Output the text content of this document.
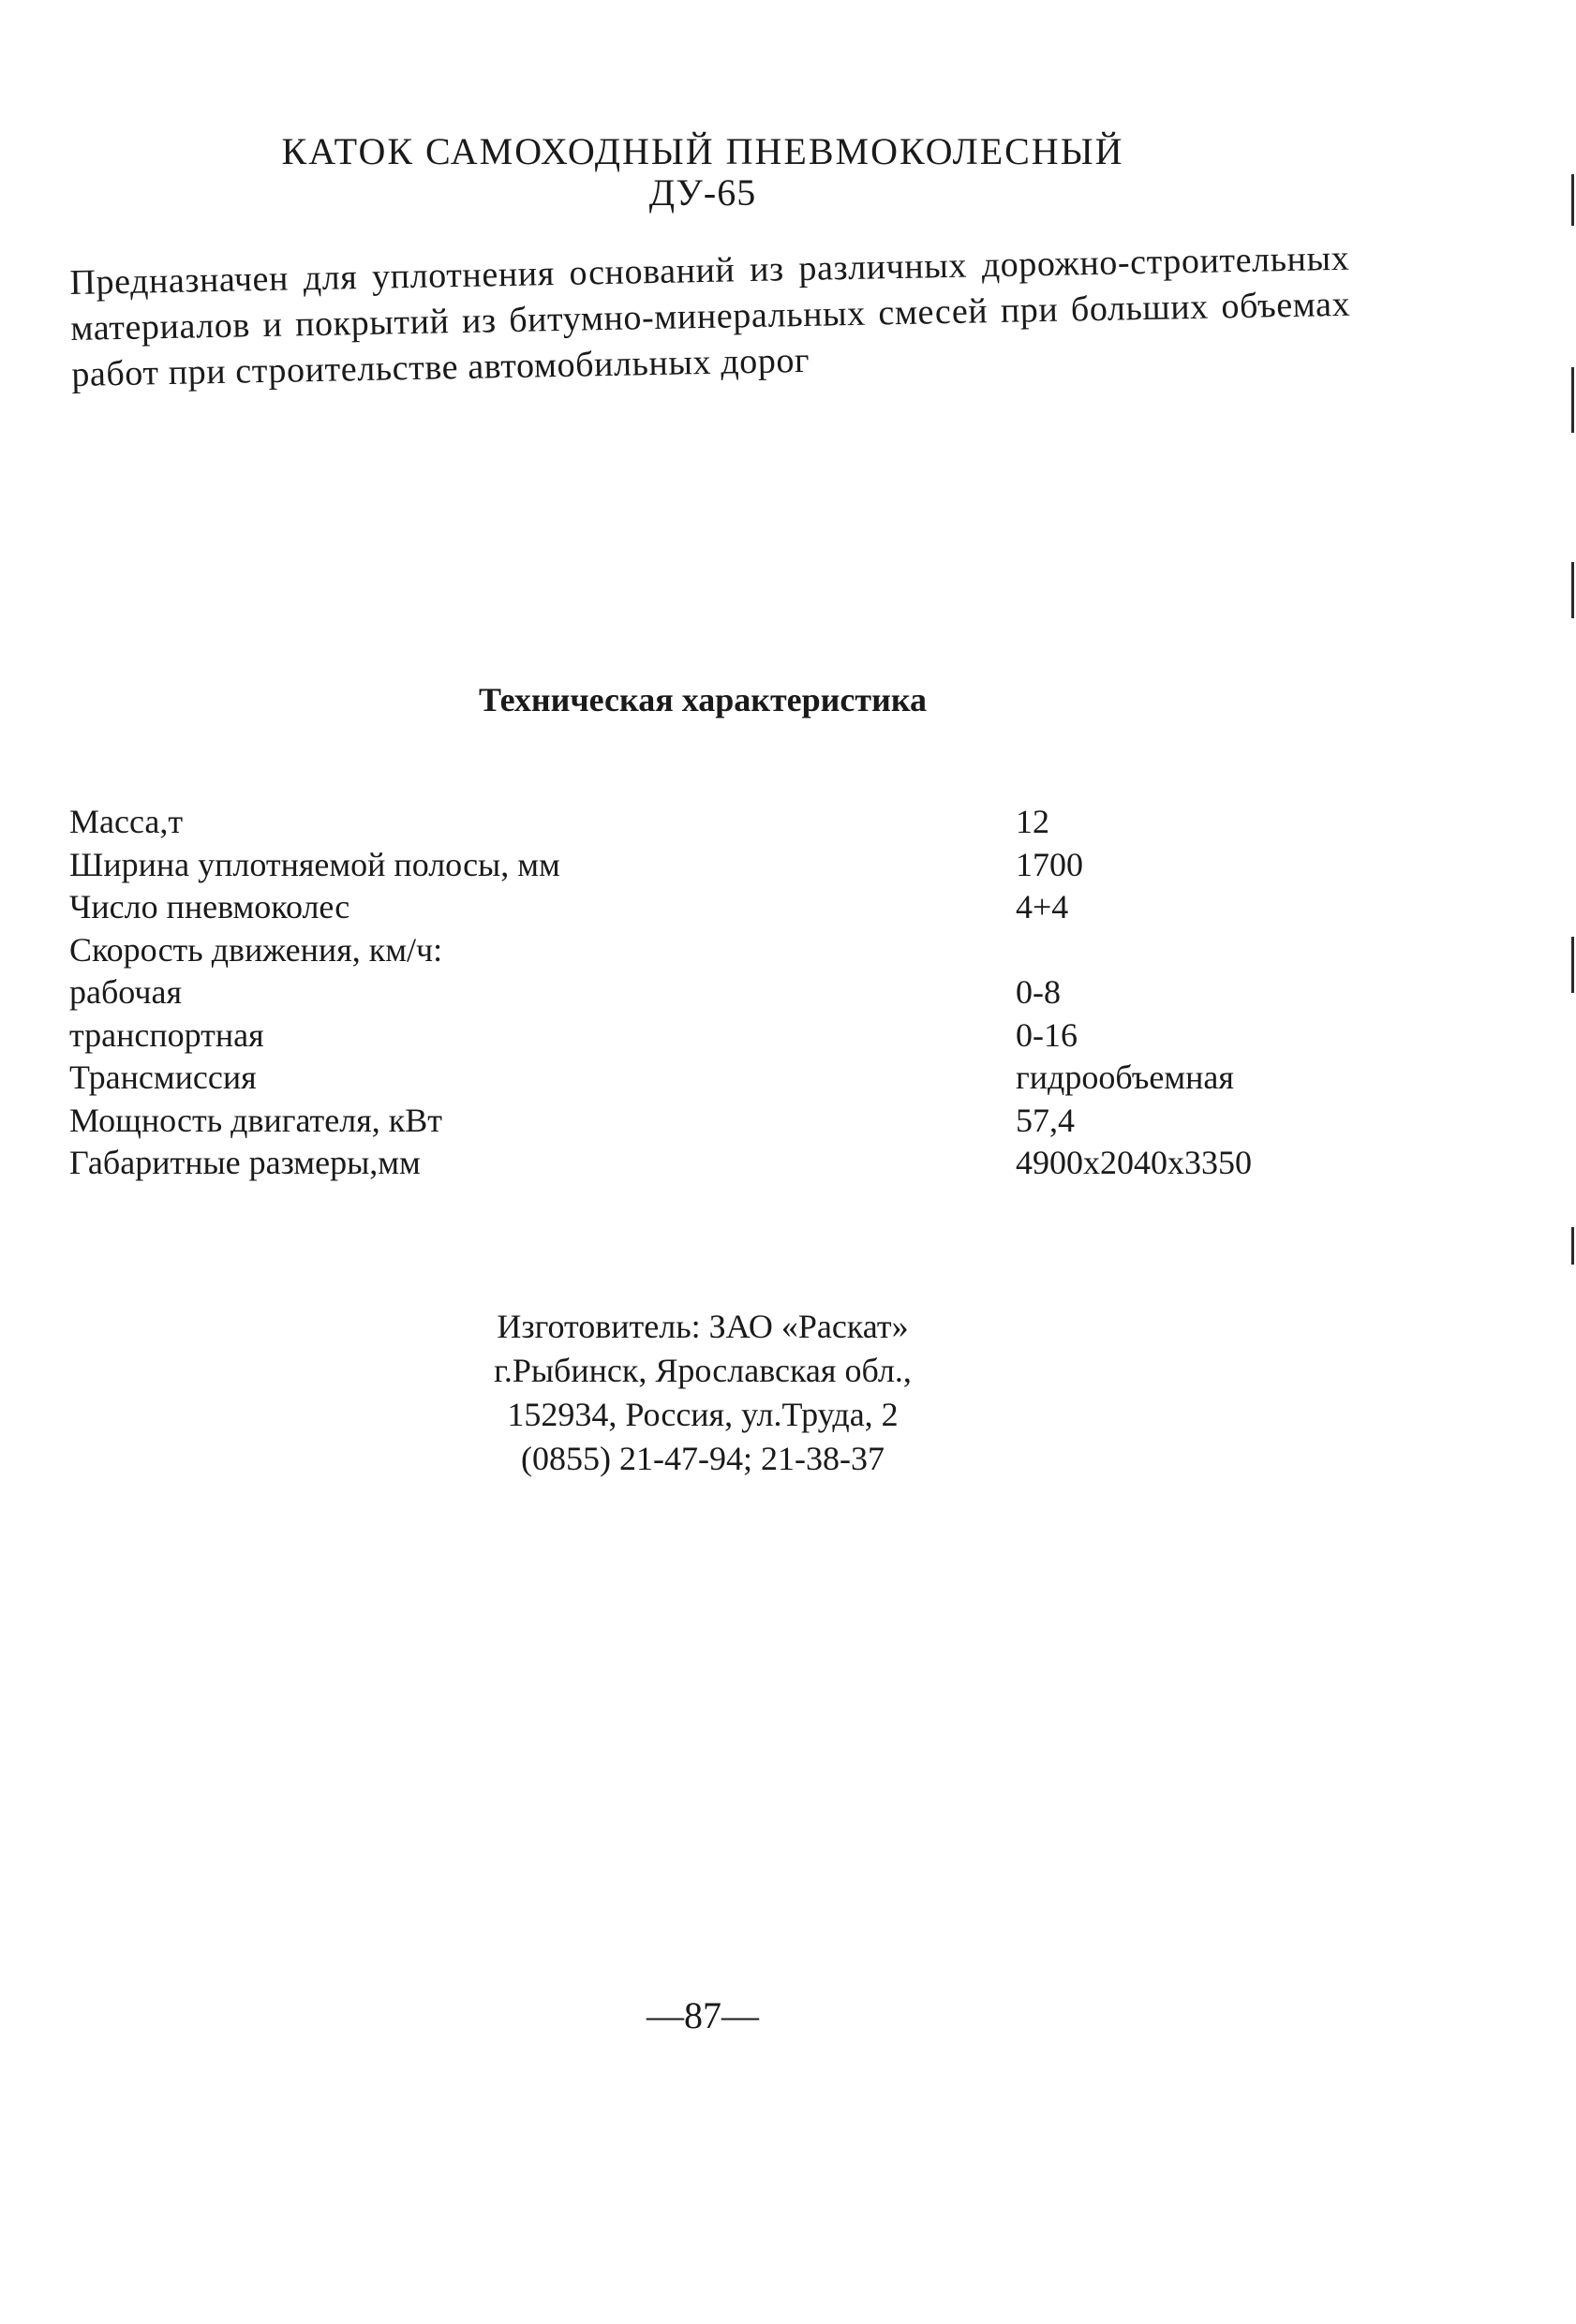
КАТОК САМОХОДНЫЙ ПНЕВМОКОЛЕСНЫЙ
ДУ-65
Предназначен для уплотнения оснований из различных дорожно-строительных материалов и покрытий из битумно-минеральных смесей при больших объемах работ при строительстве автомобильных дорог
Техническая характеристика
Масса,т	12
Ширина уплотняемой полосы, мм	1700
Число пневмоколес	4+4
Скорость движения, км/ч:
рабочая	0-8
транспортная	0-16
Трансмиссия	гидрообъемная
Мощность двигателя, кВт	57,4
Габаритные размеры,мм	4900x2040x3350
Изготовитель: ЗАО «Раскат»
г.Рыбинск, Ярославская обл.,
152934, Россия, ул.Труда, 2
(0855) 21-47-94; 21-38-37
—87—
